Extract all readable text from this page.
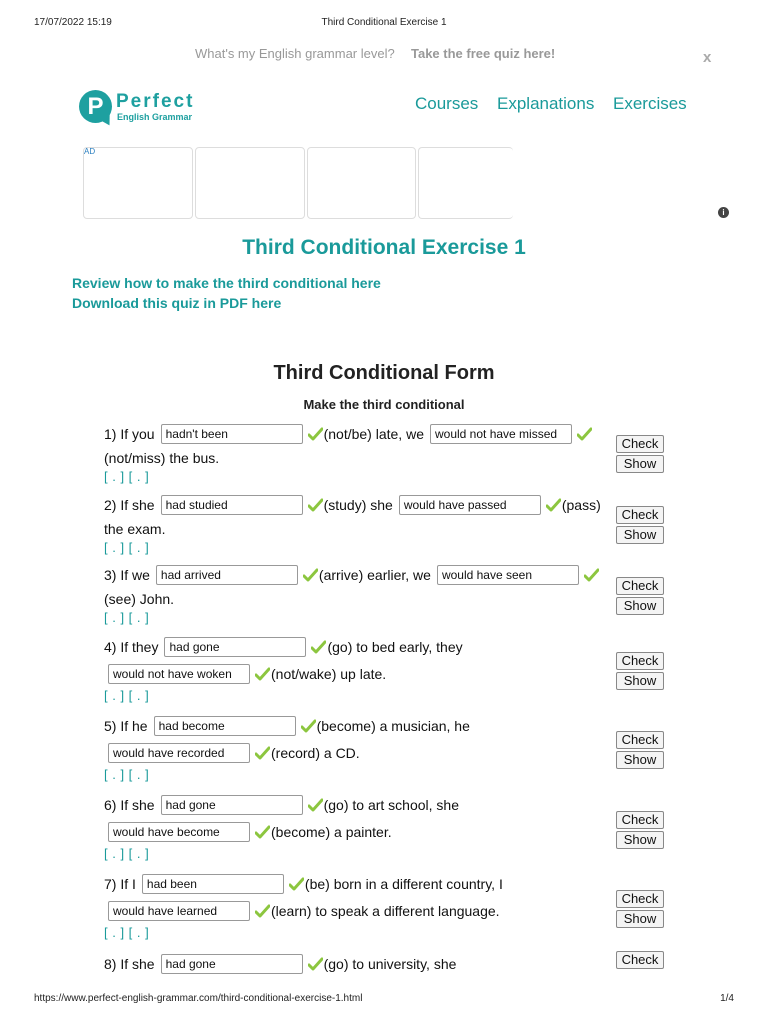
17/07/2022 15:19	Third Conditional Exercise 1
What's my English grammar level? Take the free quiz here!	x
P Perfect
English Grammar
Courses Explanations Exercises
AD
i
Third Conditional Exercise 1
Review how to make the third conditional here
Download this quiz in PDF here
Third Conditional Form
Make the third conditional
1) If you hadn't been	(not/be) late, we would not have missed
(not/miss) the bus.
[ . ] [ . ]
Check
Show
2) If she had studied	(study) she would have passed	(pass)
the exam.
[ . ] [ . ]
Check
Show
3) If we had arrived	(arrive) earlier, we would have seen
(see) John.
[ . ] [ . ]
Check
Show
4) If they had gone	(go) to bed early, they
would not have woken	(not/wake) up late.
[ . ] [ . ]
Check
Show
5) If he had become	(become) a musician, he
would have recorded	(record) a CD.
[ . ] [ . ]
Check
Show
6) If she had gone	(go) to art school, she
would have become	(become) a painter.
[ . ] [ . ]
Check
Show
7) If I had been	(be) born in a different country, I
would have learned	(learn) to speak a different language.
[ . ] [ . ]
Check
Show
8) If she had gone	(go) to university, she	Check
https://www.perfect-english-grammar.com/third-conditional-exercise-1.html	1/4
